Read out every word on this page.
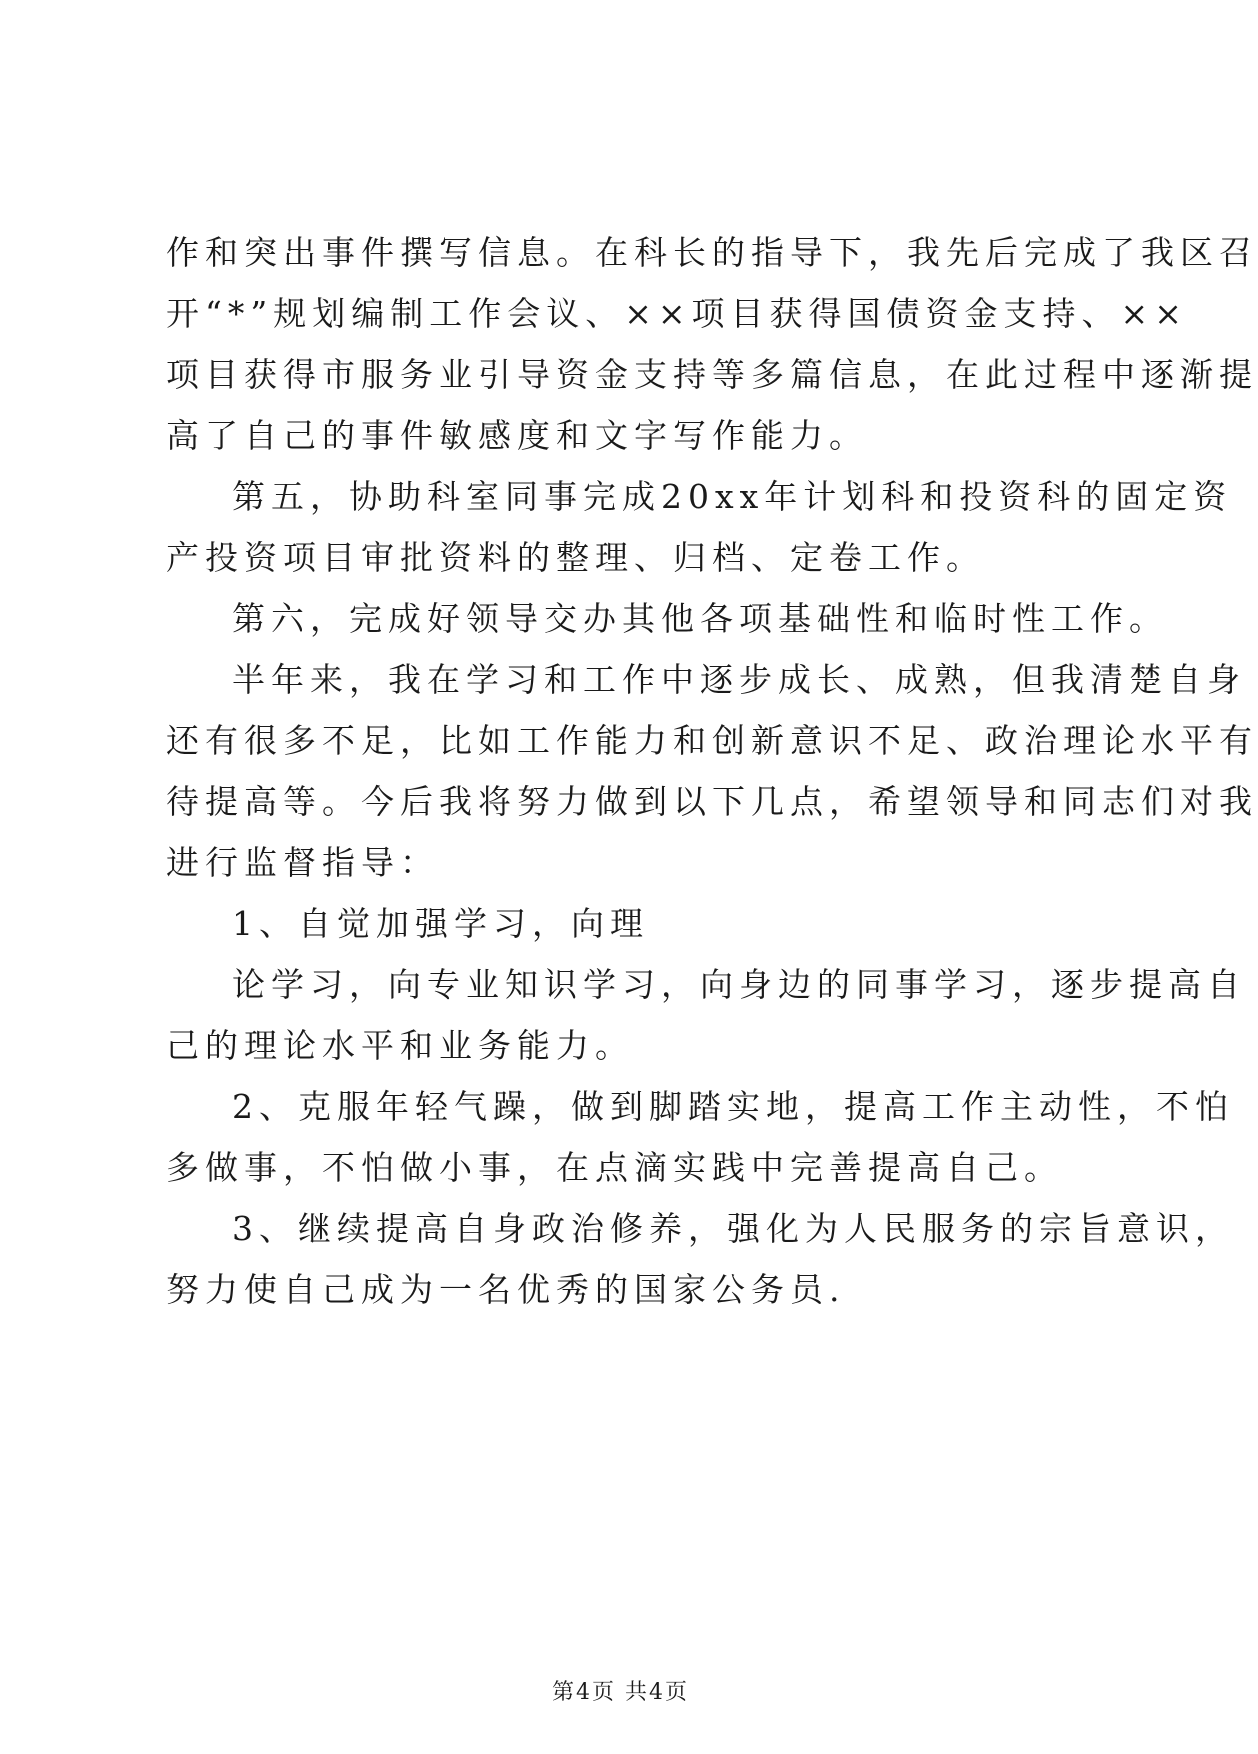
作和突出事件撰写信息。在科长的指导下，我先后完成了我区召
开“*”规划编制工作会议、××项目获得国债资金支持、××
项目获得市服务业引导资金支持等多篇信息，在此过程中逐渐提
高了自己的事件敏感度和文字写作能力。
第五，协助科室同事完成20xx年计划科和投资科的固定资
产投资项目审批资料的整理、归档、定卷工作。
第六，完成好领导交办其他各项基础性和临时性工作。
半年来，我在学习和工作中逐步成长、成熟，但我清楚自身
还有很多不足，比如工作能力和创新意识不足、政治理论水平有
待提高等。今后我将努力做到以下几点，希望领导和同志们对我
进行监督指导：
1、自觉加强学习，向理
论学习，向专业知识学习，向身边的同事学习，逐步提高自
己的理论水平和业务能力。
2、克服年轻气躁，做到脚踏实地，提高工作主动性，不怕
多做事，不怕做小事，在点滴实践中完善提高自己。
3、继续提高自身政治修养，强化为人民服务的宗旨意识，
努力使自己成为一名优秀的国家公务员.
第4页 共4页
